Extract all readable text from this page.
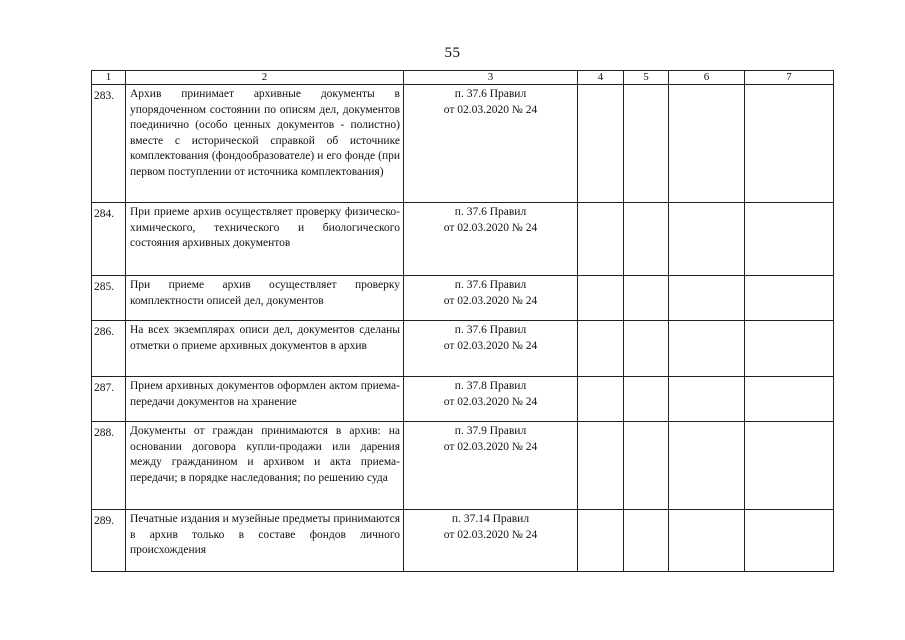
55
1	2	3	4	5	6	7
283.	Архив принимает архивные документы в упорядоченном состоянии по описям дел, документов поединично (особо ценных документов - полистно) вместе с исторической справкой об источнике комплектования (фондообразователе) и его фонде (при первом поступлении от источника комплектования)	п. 37.6 Правил
от 02.03.2020 № 24				

284.	При приеме архив осуществляет проверку физическо-химического, технического и биологического состояния архивных документов	п. 37.6 Правил
от 02.03.2020 № 24				

285.	При приеме архив осуществляет проверку комплектности описей дел, документов	п. 37.6 Правил
от 02.03.2020 № 24				

286.	На всех экземплярах описи дел, документов сделаны отметки о приеме архивных документов в архив	п. 37.6 Правил
от 02.03.2020 № 24				

287.	Прием архивных документов оформлен актом приема-передачи документов на хранение	п. 37.8 Правил
от 02.03.2020 № 24				

288.	Документы от граждан принимаются в архив: на основании договора купли-продажи или дарения между гражданином и архивом и акта приема-передачи; в порядке наследования; по решению суда	п. 37.9 Правил
от 02.03.2020 № 24				

289.	Печатные издания и музейные предметы принимаются в архив только в составе фондов личного происхождения	п. 37.14 Правил
от 02.03.2020 № 24				
